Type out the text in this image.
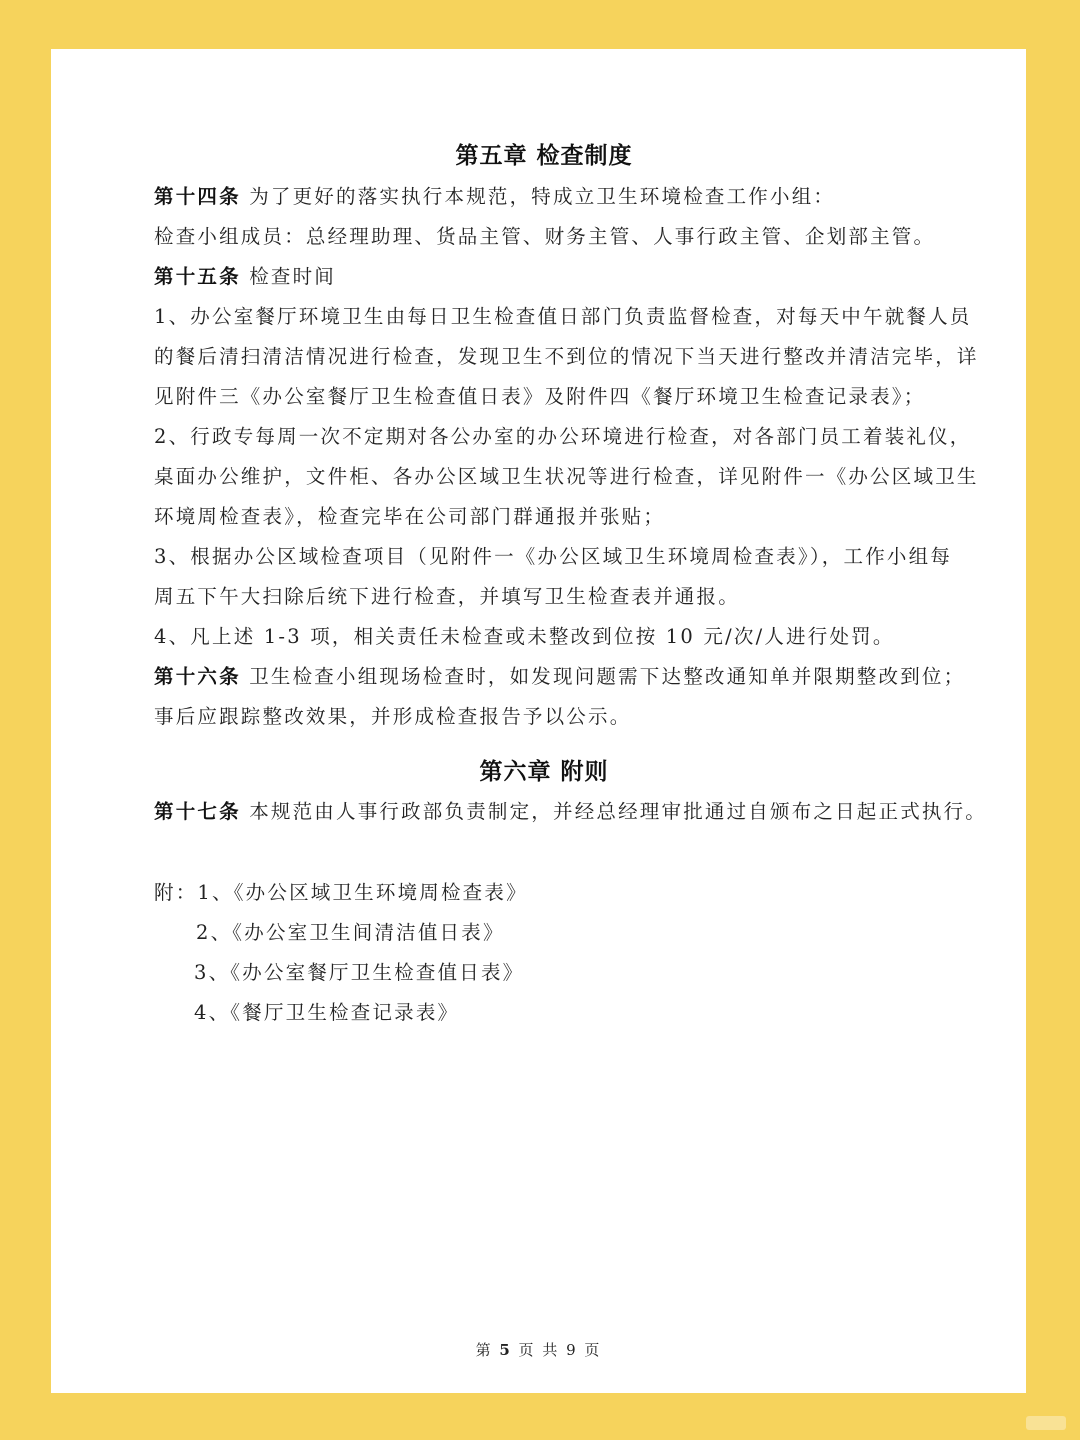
第五章 检查制度
第十四条 为了更好的落实执行本规范，特成立卫生环境检查工作小组：
检查小组成员：总经理助理、货品主管、财务主管、人事行政主管、企划部主管。
第十五条 检查时间
1、办公室餐厅环境卫生由每日卫生检查值日部门负责监督检查，对每天中午就餐人员
的餐后清扫清洁情况进行检查，发现卫生不到位的情况下当天进行整改并清洁完毕，详
见附件三《办公室餐厅卫生检查值日表》及附件四《餐厅环境卫生检查记录表》；
2、行政专每周一次不定期对各公办室的办公环境进行检查，对各部门员工着装礼仪，
桌面办公维护，文件柜、各办公区域卫生状况等进行检查，详见附件一《办公区域卫生
环境周检查表》，检查完毕在公司部门群通报并张贴；
3、根据办公区域检查项目（见附件一《办公区域卫生环境周检查表》），工作小组每
周五下午大扫除后统下进行检查，并填写卫生检查表并通报。
4、凡上述 1-3 项，相关责任未检查或未整改到位按 10 元/次/人进行处罚。
第十六条 卫生检查小组现场检查时，如发现问题需下达整改通知单并限期整改到位；
事后应跟踪整改效果，并形成检查报告予以公示。
第六章 附则
第十七条 本规范由人事行政部负责制定，并经总经理审批通过自颁布之日起正式执行。
附：1、《办公区域卫生环境周检查表》
2、《办公室卫生间清洁值日表》
3、《办公室餐厅卫生检查值日表》
4、《餐厅卫生检查记录表》
第 5 页 共 9 页
